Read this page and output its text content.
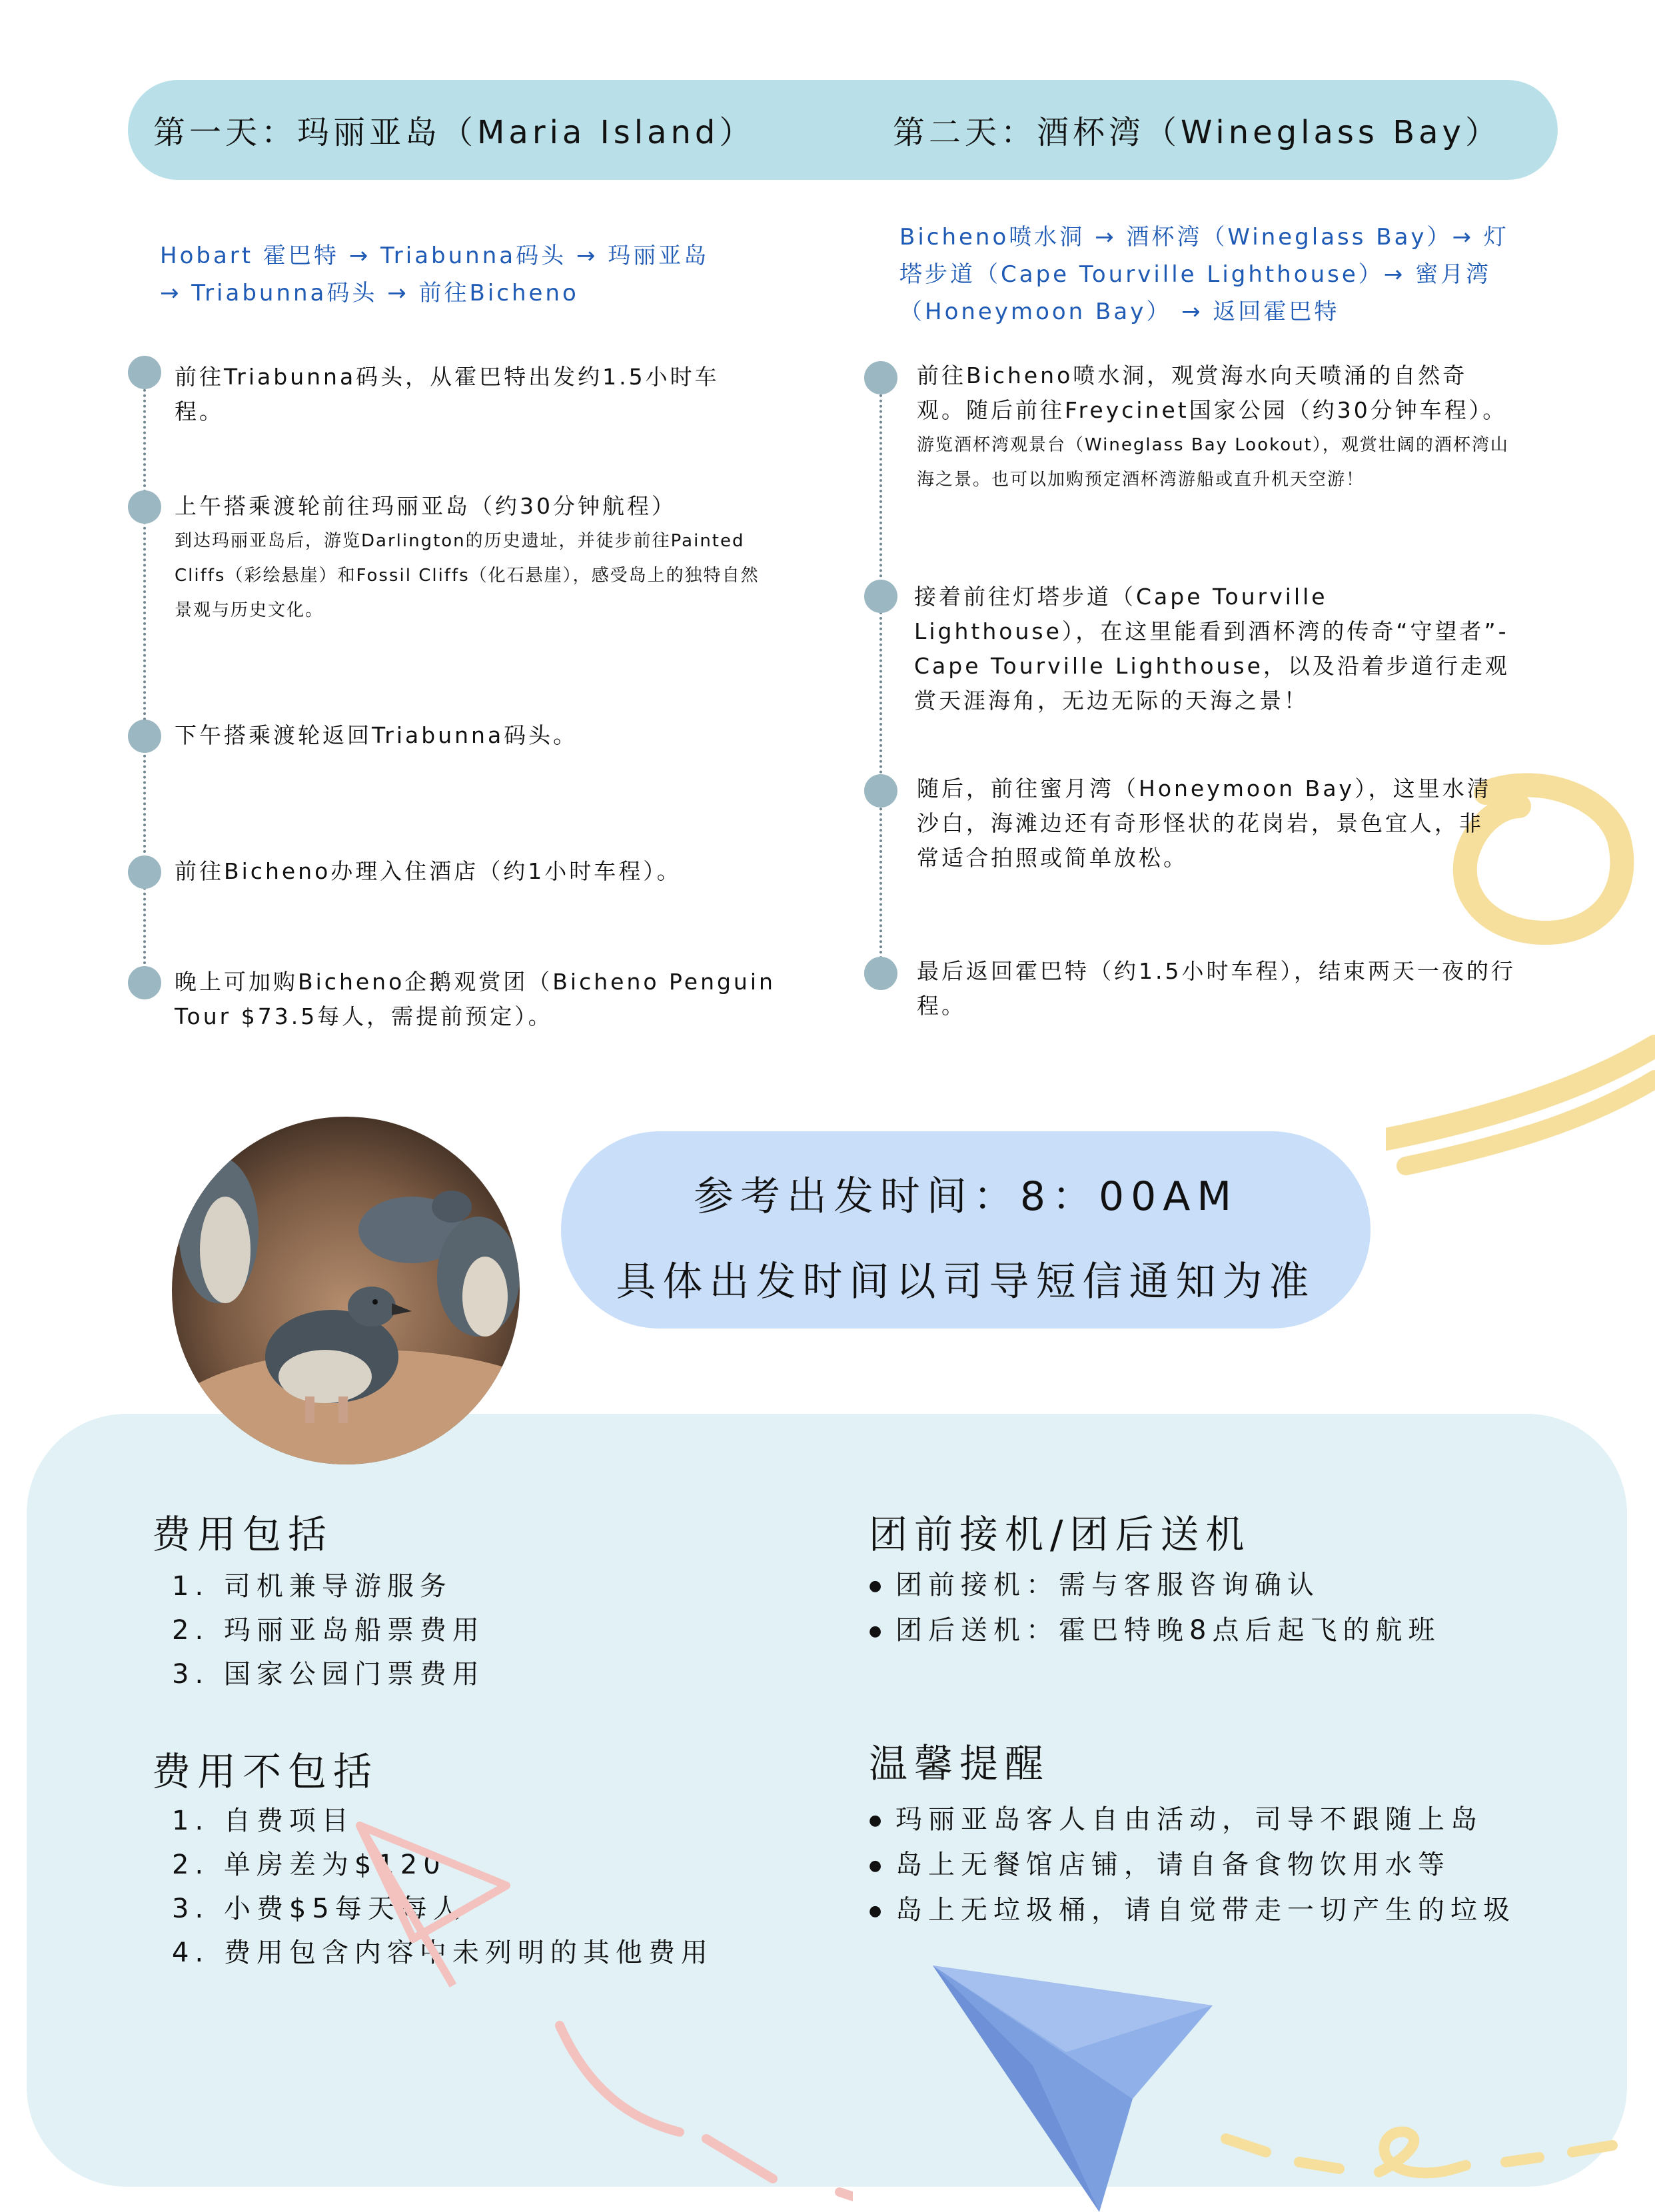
第一天：玛丽亚岛（Maria Island）	第二天：酒杯湾（Wineglass Bay）
Hobart 霍巴特 → Triabunna码头 → 玛丽亚岛
→ Triabunna码头 → 前往Bicheno
Bicheno喷水洞 → 酒杯湾（Wineglass Bay）→ 灯
塔步道（Cape Tourville Lighthouse）→ 蜜月湾
（Honeymoon Bay） → 返回霍巴特
前往Triabunna码头，从霍巴特出发约1.5小时车程。
上午搭乘渡轮前往玛丽亚岛（约30分钟航程）
到达玛丽亚岛后，游览Darlington的历史遗址，并徒步前往Painted Cliffs（彩绘悬崖）和Fossil Cliffs（化石悬崖），感受岛上的独特自然景观与历史文化。
下午搭乘渡轮返回Triabunna码头。
前往Bicheno办理入住酒店（约1小时车程）。
晚上可加购Bicheno企鹅观赏团（Bicheno Penguin Tour $73.5每人，需提前预定）。
前往Bicheno喷水洞，观赏海水向天喷涌的自然奇观。随后前往Freycinet国家公园（约30分钟车程）。
游览酒杯湾观景台（Wineglass Bay Lookout），观赏壮阔的酒杯湾山海之景。也可以加购预定酒杯湾游船或直升机天空游！
接着前往灯塔步道（Cape Tourville Lighthouse），在这里能看到酒杯湾的传奇“守望者”- Cape Tourville Lighthouse，以及沿着步道行走观赏天涯海角，无边无际的天海之景！
随后，前往蜜月湾（Honeymoon Bay），这里水清沙白，海滩边还有奇形怪状的花岗岩，景色宜人，非常适合拍照或简单放松。
最后返回霍巴特（约1.5小时车程），结束两天一夜的行程。
参考出发时间：8：00AM
具体出发时间以司导短信通知为准
费用包括
1. 司机兼导游服务
2. 玛丽亚岛船票费用
3. 国家公园门票费用
费用不包括
1. 自费项目
2. 单房差为$120
3. 小费$5每天每人
4. 费用包含内容中未列明的其他费用
团前接机/团后送机
● 团前接机：需与客服咨询确认
● 团后送机：霍巴特晚8点后起飞的航班
温馨提醒
● 玛丽亚岛客人自由活动，司导不跟随上岛
● 岛上无餐馆店铺，请自备食物饮用水等
● 岛上无垃圾桶，请自觉带走一切产生的垃圾
